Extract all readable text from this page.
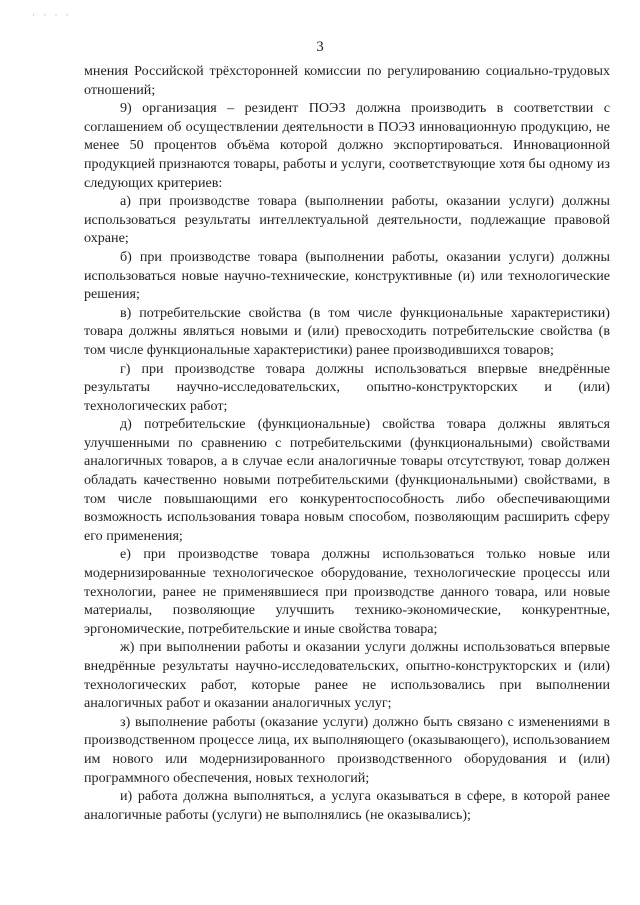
· · · ·
3

мнения Российской трёхсторонней комиссии по регулированию социально-трудовых отношений;

9) организация – резидент ПОЭЗ должна производить в соответствии с соглашением об осуществлении деятельности в ПОЭЗ инновационную продукцию, не менее 50 процентов объёма которой должно экспортироваться. Инновационной продукцией признаются товары, работы и услуги, соответствующие хотя бы одному из следующих критериев:

а) при производстве товара (выполнении работы, оказании услуги) должны использоваться результаты интеллектуальной деятельности, подлежащие правовой охране;

б) при производстве товара (выполнении работы, оказании услуги) должны использоваться новые научно-технические, конструктивные (и) или технологические решения;

в) потребительские свойства (в том числе функциональные характеристики) товара должны являться новыми и (или) превосходить потребительские свойства (в том числе функциональные характеристики) ранее производившихся товаров;

г) при производстве товара должны использоваться впервые внедрённые результаты научно-исследовательских, опытно-конструкторских и (или) технологических работ;

д) потребительские (функциональные) свойства товара должны являться улучшенными по сравнению с потребительскими (функциональными) свойствами аналогичных товаров, а в случае если аналогичные товары отсутствуют, товар должен обладать качественно новыми потребительскими (функциональными) свойствами, в том числе повышающими его конкурентоспособность либо обеспечивающими возможность использования товара новым способом, позволяющим расширить сферу его применения;

е) при производстве товара должны использоваться только новые или модернизированные технологическое оборудование, технологические процессы или технологии, ранее не применявшиеся при производстве данного товара, или новые материалы, позволяющие улучшить технико-экономические, конкурентные, эргономические, потребительские и иные свойства товара;

ж) при выполнении работы и оказании услуги должны использоваться впервые внедрённые результаты научно-исследовательских, опытно-конструкторских и (или) технологических работ, которые ранее не использовались при выполнении аналогичных работ и оказании аналогичных услуг;

з) выполнение работы (оказание услуги) должно быть связано с изменениями в производственном процессе лица, их выполняющего (оказывающего), использованием им нового или модернизированного производственного оборудования и (или) программного обеспечения, новых технологий;

и) работа должна выполняться, а услуга оказываться в сфере, в которой ранее аналогичные работы (услуги) не выполнялись (не оказывались);
